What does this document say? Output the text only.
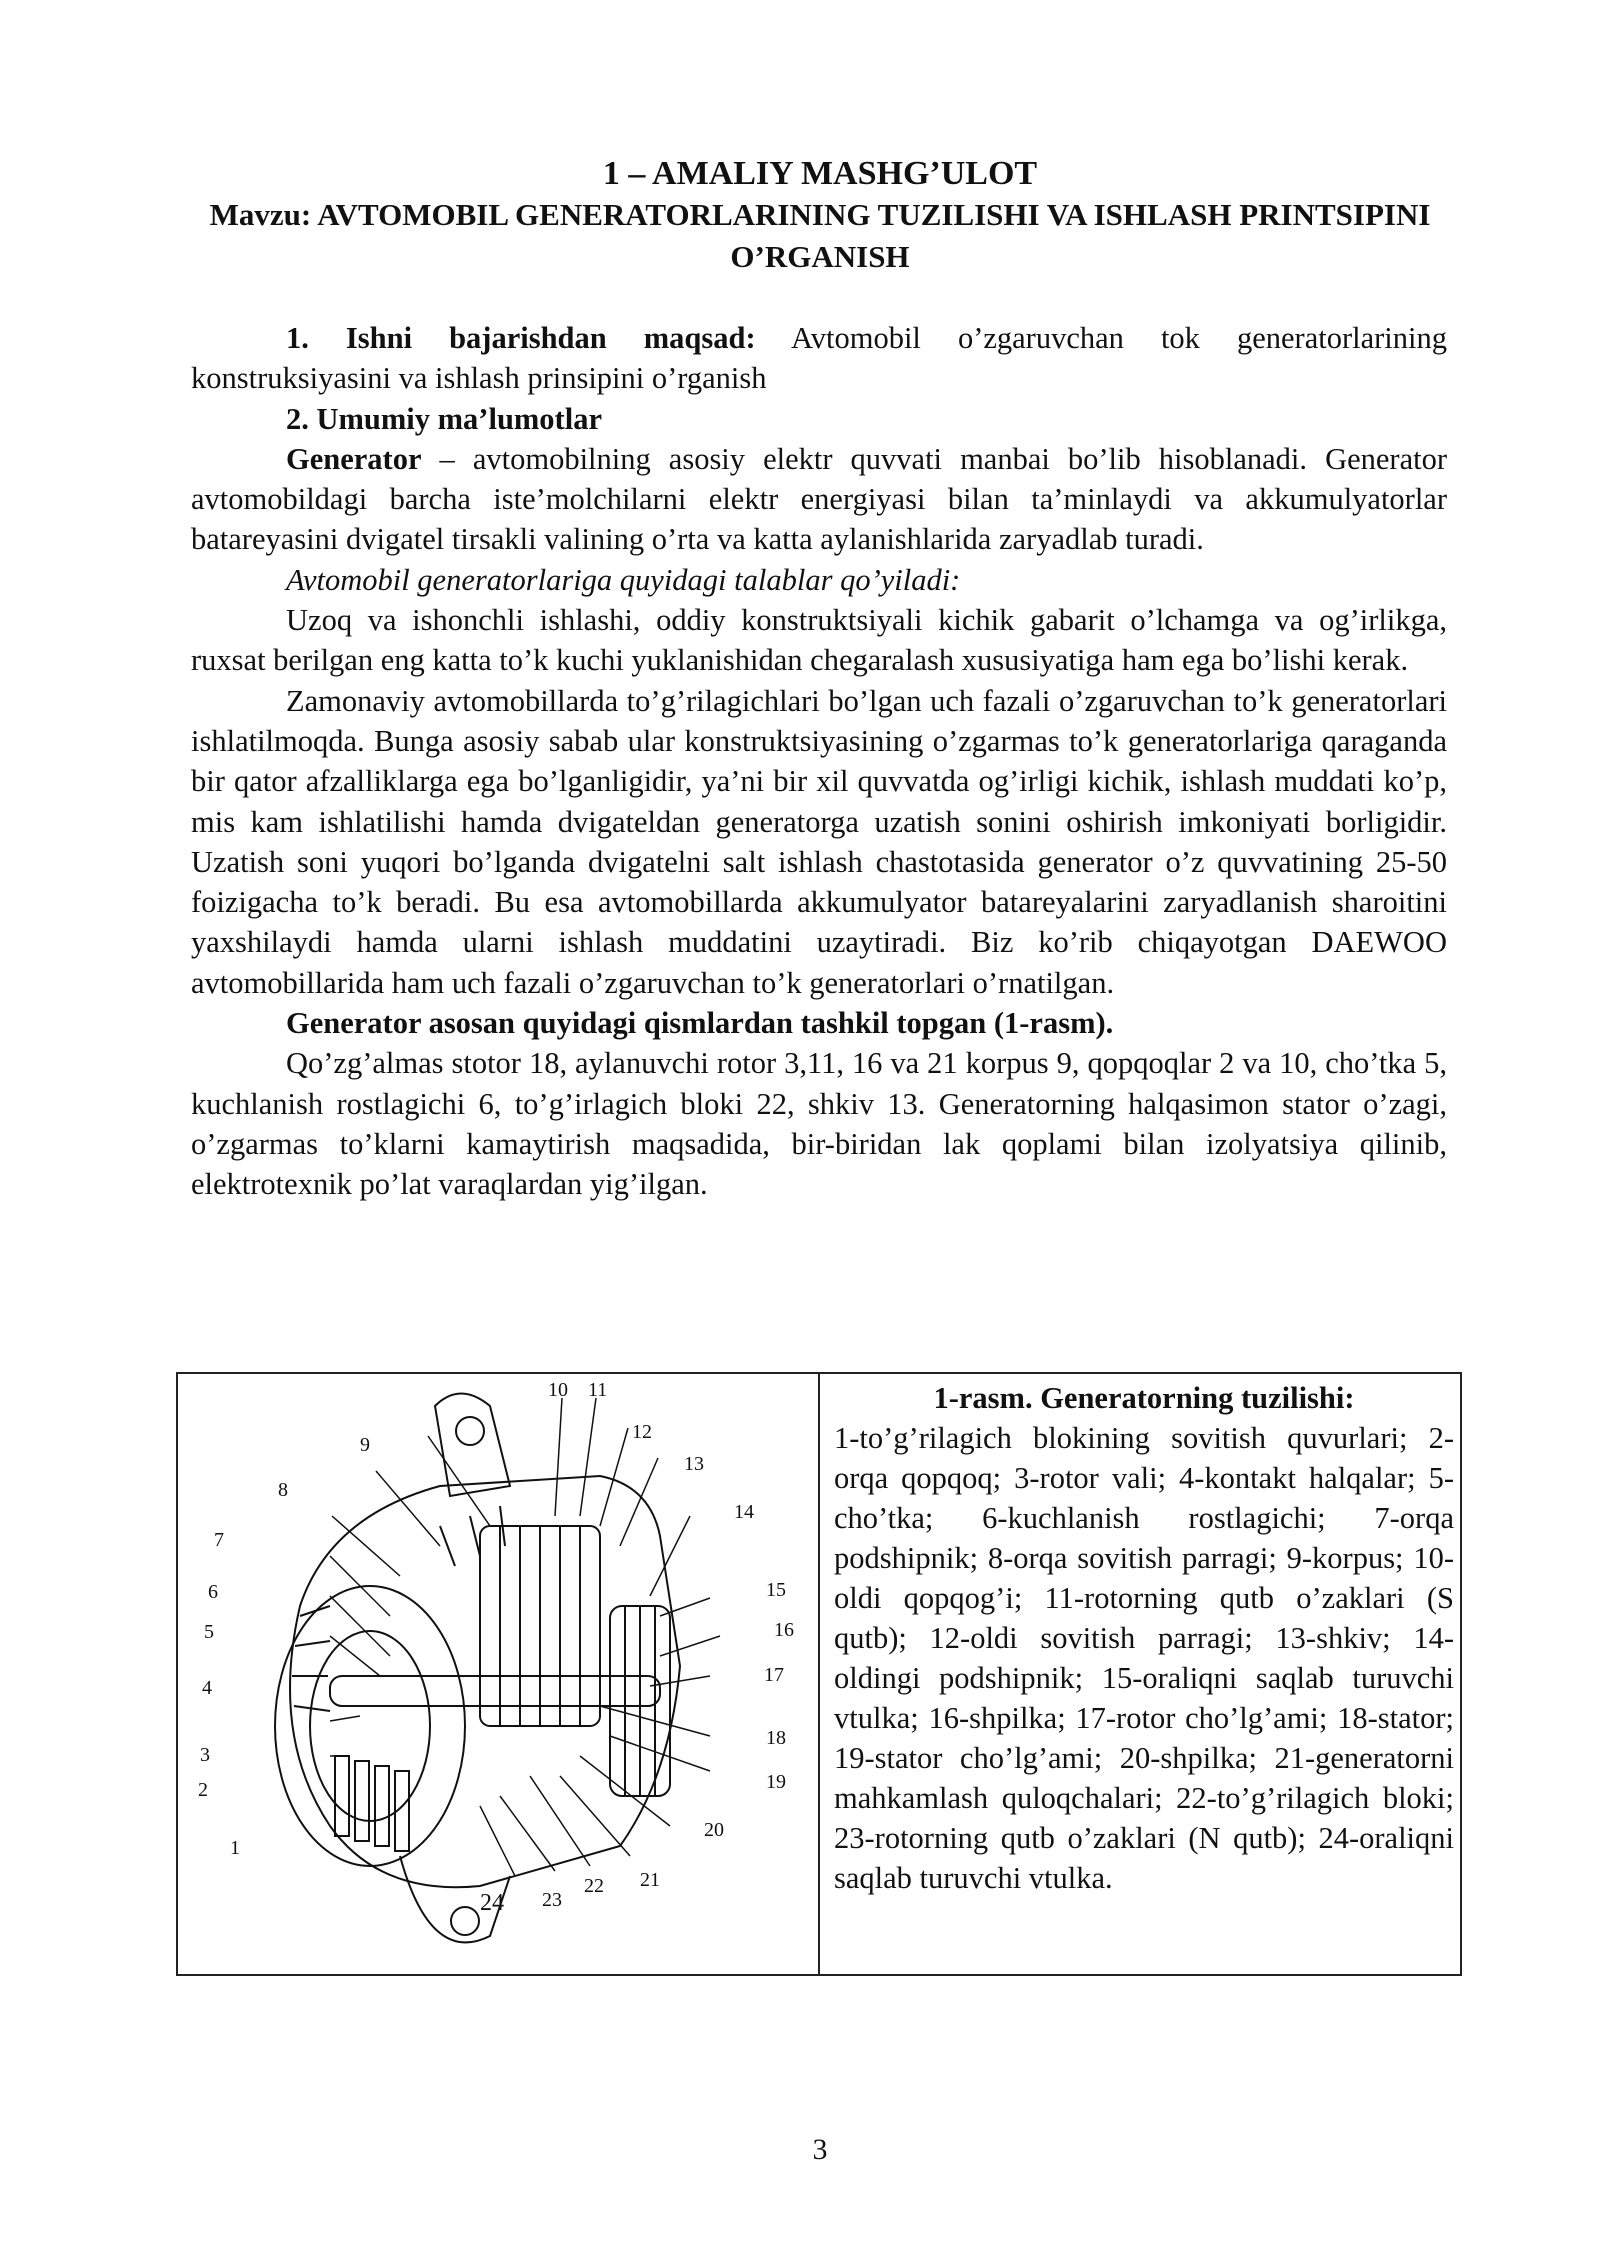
1 – AMALIY MASHG’ULOT
Mavzu: AVTOMOBIL GENERATORLARINING TUZILISHI VA ISHLASH PRINTSIPINI O’RGANISH

1. Ishni bajarishdan maqsad: Avtomobil o’zgaruvchan tok generatorlarining konstruksiyasini va ishlash prinsipini o’rganish

2. Umumiy ma’lumotlar

Generator – avtomobilning asosiy elektr quvvati manbai bo’lib hisoblanadi. Generator avtomobildagi barcha iste’molchilarni elektr energiyasi bilan ta’minlaydi va akkumulyatorlar batareyasini dvigatel tirsakli valining o’rta va katta aylanishlarida zaryadlab turadi.

Avtomobil generatorlariga quyidagi talablar qo’yiladi:

Uzoq va ishonchli ishlashi, oddiy konstruktsiyali kichik gabarit o’lchamga va og’irlikga, ruxsat berilgan eng katta to’k kuchi yuklanishidan chegaralash xususiyatiga ham ega bo’lishi kerak.

Zamonaviy avtomobillarda to’g’rilagichlari bo’lgan uch fazali o’zgaruvchan to’k generatorlari ishlatilmoqda. Bunga asosiy sabab ular konstruktsiyasining o’zgarmas to’k generatorlariga qaraganda bir qator afzalliklarga ega bo’lganligidir, ya’ni bir xil quvvatda og’irligi kichik, ishlash muddati ko’p, mis kam ishlatilishi hamda dvigateldan generatorga uzatish sonini oshirish imkoniyati borligidir. Uzatish soni yuqori bo’lganda dvigatelni salt ishlash chastotasida generator o’z quvvatining 25-50 foizigacha to’k beradi. Bu esa avtomobillarda akkumulyator batareyalarini zaryadlanish sharoitini yaxshilaydi hamda ularni ishlash muddatini uzaytiradi. Biz ko’rib chiqayotgan DAEWOO avtomobillarida ham uch fazali o’zgaruvchan to’k generatorlari o’rnatilgan.

Generator asosan quyidagi qismlardan tashkil topgan (1-rasm).

Qo’zg’almas stotor 18, aylanuvchi rotor 3,11, 16 va 21 korpus 9, qopqoqlar 2 va 10, cho’tka 5, kuchlanish rostlagichi 6, to’g’irlagich bloki 22, shkiv 13. Generatorning halqasimon stator o’zagi, o’zgarmas to’klarni kamaytirish maqsadida, bir-biridan lak qoplami bilan izolyatsiya qilinib, elektrotexnik po’lat varaqlardan yig’ilgan.

1
2
3
4
5
6
7
8
9
10 11
12
13
14
15
16
17
18
19
20
21
22
23
24
1-rasm. Generatorning tuzilishi:
1-to’g’rilagich blokining sovitish quvurlari; 2-orqa qopqoq; 3-rotor vali; 4-kontakt halqalar; 5-cho’tka; 6-kuchlanish rostlagichi; 7-orqa podshipnik; 8-orqa sovitish parragi; 9-korpus; 10-oldi qopqog’i; 11-rotorning qutb o’zaklari (S qutb); 12-oldi sovitish parragi; 13-shkiv; 14-oldingi podshipnik; 15-oraliqni saqlab turuvchi vtulka; 16-shpilka; 17-rotor cho’lg’ami; 18-stator; 19-stator cho’lg’ami; 20-shpilka; 21-generatorni mahkamlash quloqchalari; 22-to’g’rilagich bloki; 23-rotorning qutb o’zaklari (N qutb); 24-oraliqni saqlab turuvchi vtulka.
3
